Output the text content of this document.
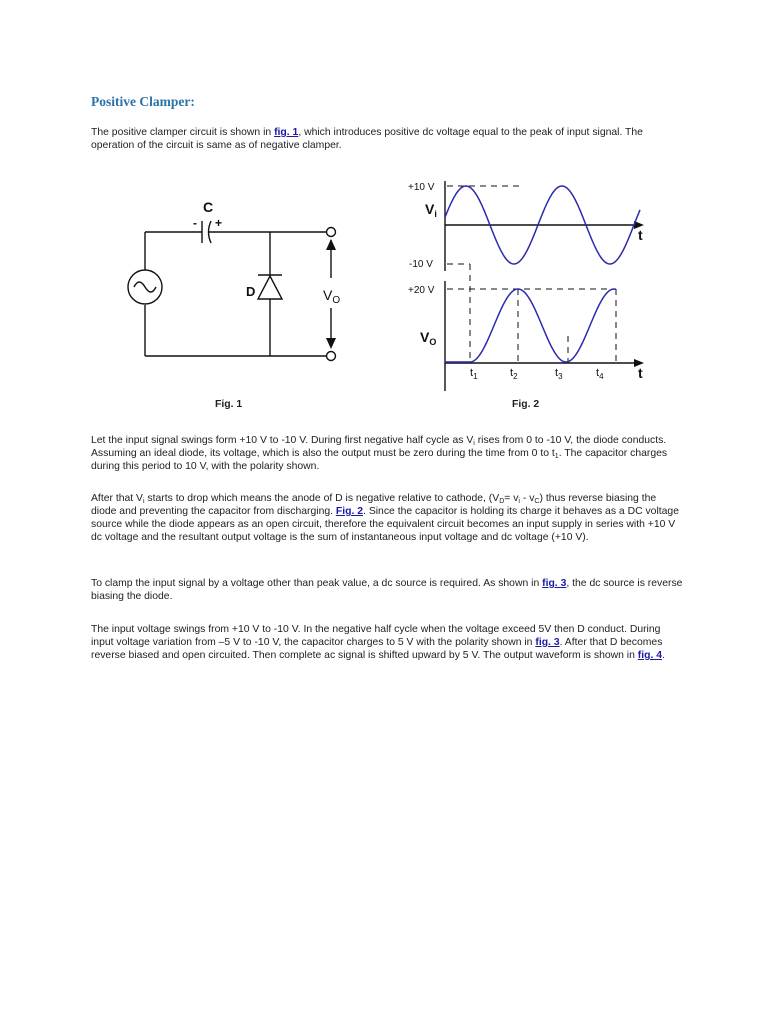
Positive Clamper:

The positive clamper circuit is shown in fig. 1, which introduces positive dc voltage equal to the peak of input signal. The operation of the circuit is same as of negative clamper.

C
- +
D	$V_O$
Fig. 1
+10 V
$V_i$
t
-10 V
+20 V
$V_O$
t
$t_1$	$t_2$	$t_3$	$t_4$
Fig. 2

Let the input signal swings form +10 V to -10 V. During first negative half cycle as $V_i$ rises from 0 to -10 V, the diode conducts. Assuming an ideal diode, its voltage, which is also the output must be zero during the time from 0 to $t_1$. The capacitor charges during this period to 10 V, with the polarity shown.

After that $V_i$ starts to drop which means the anode of D is negative relative to cathode, $(V_D= v_i - v_C)$ thus reverse biasing the diode and preventing the capacitor from discharging. Fig. 2. Since the capacitor is holding its charge it behaves as a DC voltage source while the diode appears as an open circuit, therefore the equivalent circuit becomes an input supply in series with +10 V dc voltage and the resultant output voltage is the sum of instantaneous input voltage and dc voltage (+10 V).

To clamp the input signal by a voltage other than peak value, a dc source is required. As shown in fig. 3, the dc source is reverse biasing the diode.

The input voltage swings from +10 V to -10 V. In the negative half cycle when the voltage exceed 5V then D conduct. During input voltage variation from –5 V to -10 V, the capacitor charges to 5 V with the polarity shown in fig. 3. After that D becomes reverse biased and open circuited. Then complete ac signal is shifted upward by 5 V. The output waveform is shown in fig. 4.
